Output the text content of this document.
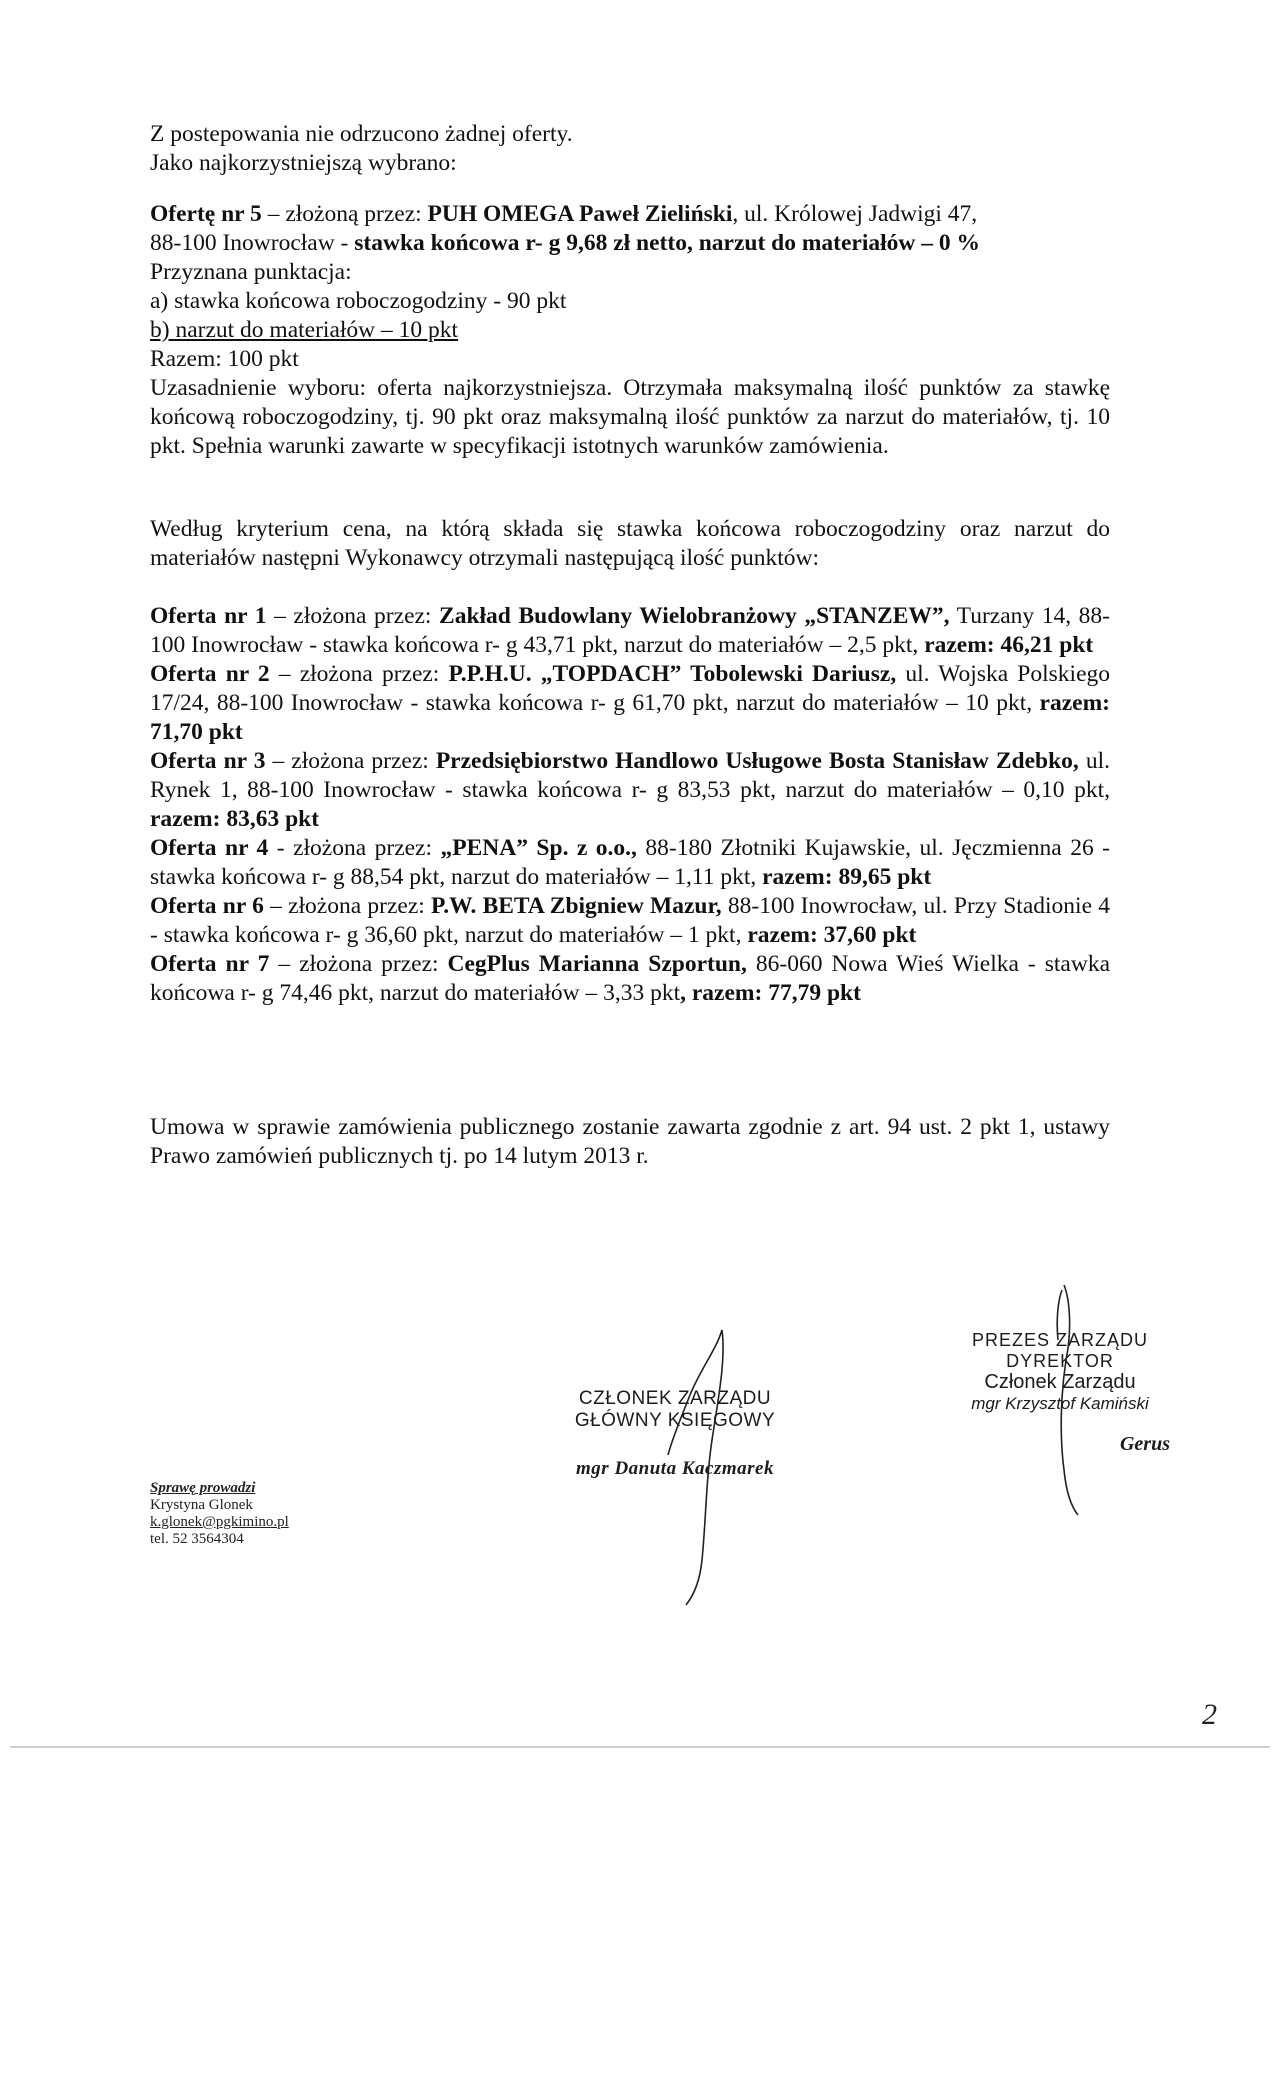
Z postepowania nie odrzucono żadnej oferty.

Jako najkorzystniejszą wybrano:

Ofertę nr 5 – złożoną przez: PUH OMEGA Paweł Zieliński, ul. Królowej Jadwigi 47,

88-100 Inowrocław - stawka końcowa r- g 9,68 zł netto, narzut do materiałów – 0 %

Przyznana punktacja:

a) stawka końcowa roboczogodziny - 90 pkt

b) narzut do materiałów – 10 pkt

Razem: 100 pkt

Uzasadnienie wyboru: oferta najkorzystniejsza. Otrzymała maksymalną ilość punktów za stawkę końcową roboczogodziny, tj. 90 pkt oraz maksymalną ilość punktów za narzut do materiałów, tj. 10 pkt. Spełnia warunki zawarte w specyfikacji istotnych warunków zamówienia.

Według kryterium cena, na którą składa się stawka końcowa roboczogodziny oraz narzut do materiałów następni Wykonawcy otrzymali następującą ilość punktów:

Oferta nr 1 – złożona przez: Zakład Budowlany Wielobranżowy „STANZEW”, Turzany 14, 88-100 Inowrocław - stawka końcowa r- g 43,71 pkt, narzut do materiałów – 2,5 pkt, razem: 46,21 pkt

Oferta nr 2 – złożona przez: P.P.H.U. „TOPDACH” Tobolewski Dariusz, ul. Wojska Polskiego 17/24, 88-100 Inowrocław - stawka końcowa r- g 61,70 pkt, narzut do materiałów – 10 pkt, razem: 71,70 pkt

Oferta nr 3 – złożona przez: Przedsiębiorstwo Handlowo Usługowe Bosta Stanisław Zdebko, ul. Rynek 1, 88-100 Inowrocław - stawka końcowa r- g 83,53 pkt, narzut do materiałów – 0,10 pkt, razem: 83,63 pkt

Oferta nr 4 - złożona przez: „PENA” Sp. z o.o., 88-180 Złotniki Kujawskie, ul. Jęczmienna 26 - stawka końcowa r- g 88,54 pkt, narzut do materiałów – 1,11 pkt, razem: 89,65 pkt

Oferta nr 6 – złożona przez: P.W. BETA Zbigniew Mazur, 88-100 Inowrocław, ul. Przy Stadionie 4 - stawka końcowa r- g 36,60 pkt, narzut do materiałów – 1 pkt, razem: 37,60 pkt

Oferta nr 7 – złożona przez: CegPlus Marianna Szportun, 86-060 Nowa Wieś Wielka - stawka końcowa r- g 74,46 pkt, narzut do materiałów – 3,33 pkt, razem: 77,79 pkt

Umowa w sprawie zamówienia publicznego zostanie zawarta zgodnie z art. 94 ust. 2 pkt 1, ustawy Prawo zamówień publicznych tj. po 14 lutym 2013 r.

CZŁONEK ZARZĄDU
GŁÓWNY KSIĘGOWY
mgr Danuta Kaczmarek
PREZES ZARZĄDU
DYREKTOR
Członek Zarządu
mgr Krzysztof Kamiński
Gerus
Sprawę prowadzi
Krystyna Glonek
k.glonek@pgkimino.pl
tel. 52 3564304
2
